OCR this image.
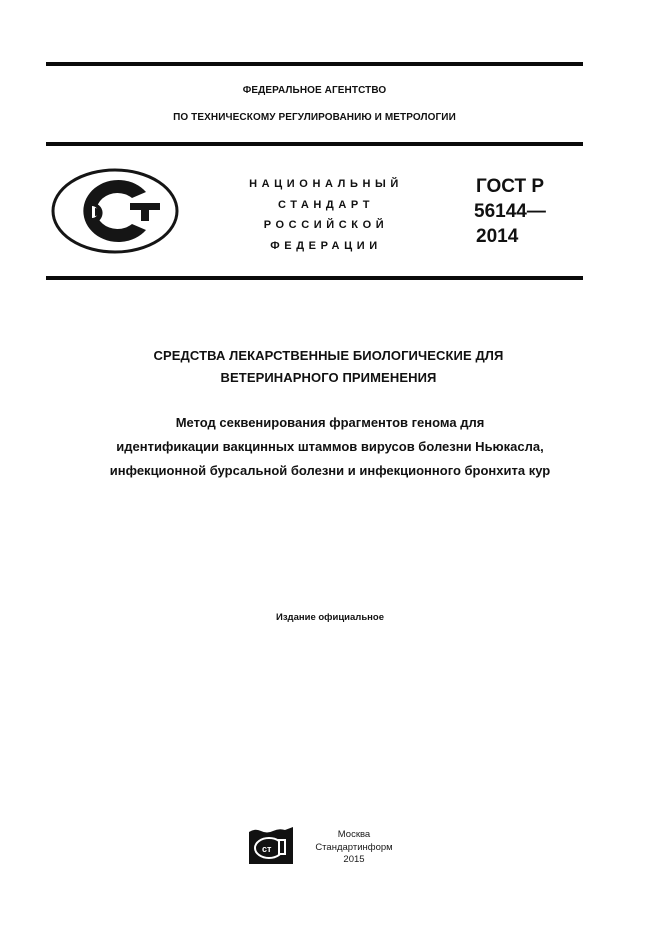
ФЕДЕРАЛЬНОЕ АГЕНТСТВО
ПО ТЕХНИЧЕСКОМУ РЕГУЛИРОВАНИЮ И МЕТРОЛОГИИ
НАЦИОНАЛЬНЫЙ
СТАНДАРТ
РОССИЙСКОЙ
ФЕДЕРАЦИИ
ГОСТ Р
56144—
2014
СРЕДСТВА ЛЕКАРСТВЕННЫЕ БИОЛОГИЧЕСКИЕ ДЛЯ
ВЕТЕРИНАРНОГО ПРИМЕНЕНИЯ
Метод секвенирования фрагментов генома для
идентификации вакцинных штаммов вирусов болезни Ньюкасла,
инфекционной бурсальной болезни и инфекционного бронхита кур
Издание официальное
ст
Москва
Стандартинформ
2015
